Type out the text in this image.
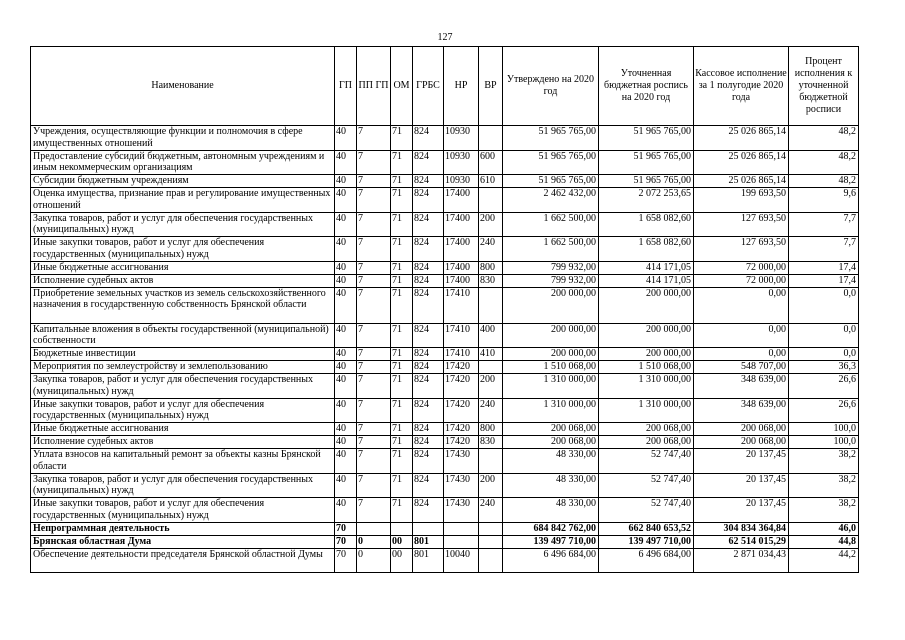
127
Наименование	ГП	ПП ГП	ОМ	ГРБС	НР	ВР	Утверждено на 2020 год	Уточненная бюджетная роспись на 2020 год	Кассовое исполнение за 1 полугодие 2020 года	Процент исполнения к уточненной бюджетной росписи
Учреждения, осуществляющие функции и полномочия в сфере имущественных отношений	40	7	71	824	10930		51 965 765,00	51 965 765,00	25 026 865,14	48,2
Предоставление субсидий бюджетным, автономным учреждениям и иным некоммерческим организациям	40	7	71	824	10930	600	51 965 765,00	51 965 765,00	25 026 865,14	48,2
Субсидии бюджетным учреждениям	40	7	71	824	10930	610	51 965 765,00	51 965 765,00	25 026 865,14	48,2
Оценка имущества, признание прав и регулирование имущественных отношений	40	7	71	824	17400		2 462 432,00	2 072 253,65	199 693,50	9,6
Закупка товаров, работ и услуг для обеспечения государственных (муниципальных) нужд	40	7	71	824	17400	200	1 662 500,00	1 658 082,60	127 693,50	7,7
Иные закупки товаров, работ и услуг для обеспечения государственных (муниципальных) нужд	40	7	71	824	17400	240	1 662 500,00	1 658 082,60	127 693,50	7,7
Иные бюджетные ассигнования	40	7	71	824	17400	800	799 932,00	414 171,05	72 000,00	17,4
Исполнение судебных актов	40	7	71	824	17400	830	799 932,00	414 171,05	72 000,00	17,4
Приобретение земельных участков из земель сельскохозяйственного назначения в государственную собственность Брянской области	40	7	71	824	17410		200 000,00	200 000,00	0,00	0,0
Капитальные вложения в объекты государственной (муниципальной) собственности	40	7	71	824	17410	400	200 000,00	200 000,00	0,00	0,0
Бюджетные инвестиции	40	7	71	824	17410	410	200 000,00	200 000,00	0,00	0,0
Мероприятия по землеустройству и землепользованию	40	7	71	824	17420		1 510 068,00	1 510 068,00	548 707,00	36,3
Закупка товаров, работ и услуг для обеспечения государственных (муниципальных) нужд	40	7	71	824	17420	200	1 310 000,00	1 310 000,00	348 639,00	26,6
Иные закупки товаров, работ и услуг для обеспечения государственных (муниципальных) нужд	40	7	71	824	17420	240	1 310 000,00	1 310 000,00	348 639,00	26,6
Иные бюджетные ассигнования	40	7	71	824	17420	800	200 068,00	200 068,00	200 068,00	100,0
Исполнение судебных актов	40	7	71	824	17420	830	200 068,00	200 068,00	200 068,00	100,0
Уплата взносов на капитальный ремонт за объекты казны Брянской области	40	7	71	824	17430		48 330,00	52 747,40	20 137,45	38,2
Закупка товаров, работ и услуг для обеспечения государственных (муниципальных) нужд	40	7	71	824	17430	200	48 330,00	52 747,40	20 137,45	38,2
Иные закупки товаров, работ и услуг для обеспечения государственных (муниципальных) нужд	40	7	71	824	17430	240	48 330,00	52 747,40	20 137,45	38,2
Непрограммная деятельность	70						684 842 762,00	662 840 653,52	304 834 364,84	46,0
Брянская областная Дума	70	0	00	801			139 497 710,00	139 497 710,00	62 514 015,29	44,8
Обеспечение деятельности председателя Брянской областной Думы	70	0	00	801	10040		6 496 684,00	6 496 684,00	2 871 034,43	44,2
